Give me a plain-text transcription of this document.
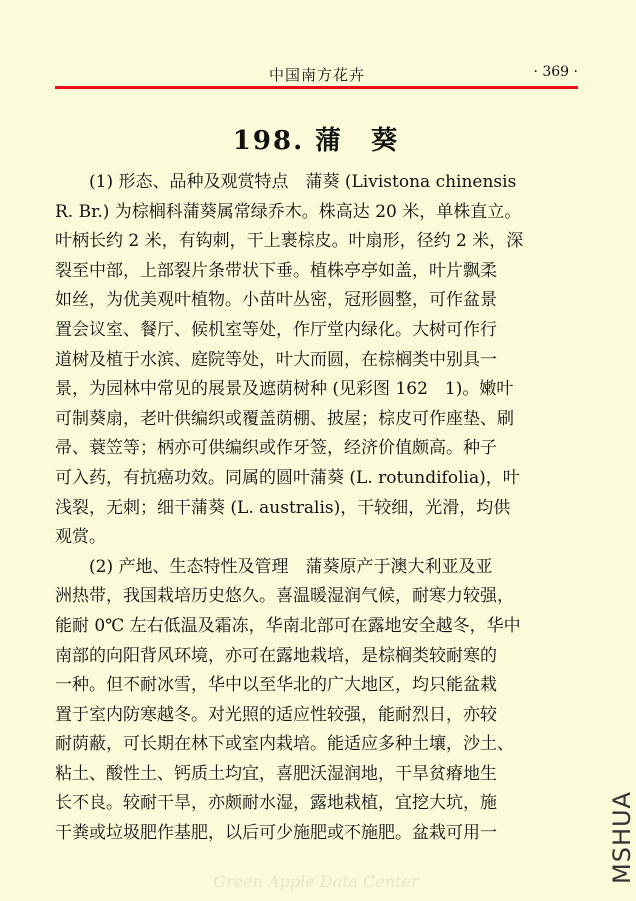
中国南方花卉	· 369 ·
198. 蒲　葵
　　(1) 形态、品种及观赏特点　蒲葵 (Livistona chinensis
R. Br.) 为棕榈科蒲葵属常绿乔木。株高达 20 米，单株直立。
叶柄长约 2 米，有钩刺，干上裹棕皮。叶扇形，径约 2 米，深
裂至中部，上部裂片条带状下垂。植株亭亭如盖，叶片飘柔
如丝，为优美观叶植物。小苗叶丛密，冠形圆整，可作盆景
置会议室、餐厅、候机室等处，作厅堂内绿化。大树可作行
道树及植于水滨、庭院等处，叶大而圆，在棕榈类中别具一
景，为园林中常见的展景及遮荫树种 (见彩图 162　1)。嫩叶
可制葵扇，老叶供编织或覆盖荫棚、披屋；棕皮可作座垫、刷
帚、蓑笠等；柄亦可供编织或作牙签，经济价值颇高。种子
可入药，有抗癌功效。同属的圆叶蒲葵 (L. rotundifolia)，叶
浅裂，无刺；细干蒲葵 (L. australis)，干较细，光滑，均供
观赏。
　　(2) 产地、生态特性及管理　蒲葵原产于澳大利亚及亚
洲热带，我国栽培历史悠久。喜温暖湿润气候，耐寒力较强，
能耐 0℃ 左右低温及霜冻，华南北部可在露地安全越冬，华中
南部的向阳背风环境，亦可在露地栽培，是棕榈类较耐寒的
一种。但不耐冰雪，华中以至华北的广大地区，均只能盆栽
置于室内防寒越冬。对光照的适应性较强，能耐烈日，亦较
耐荫蔽，可长期在林下或室内栽培。能适应多种土壤，沙土、
粘土、酸性土、钙质土均宜，喜肥沃湿润地，干旱贫瘠地生
长不良。较耐干旱，亦颇耐水湿，露地栽植，宜挖大坑，施
干粪或垃圾肥作基肥，以后可少施肥或不施肥。盆栽可用一
Green Apple Data Center	MSHUA
